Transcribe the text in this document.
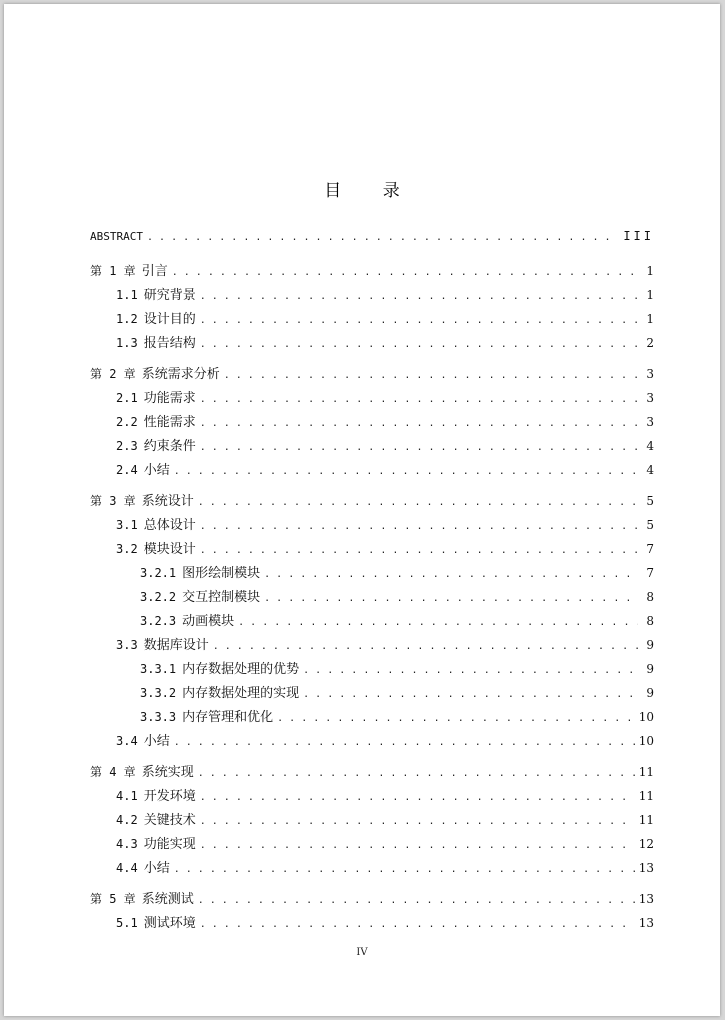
目 录
ABSTRACT . . .	III
第 1 章 引言 . . .	1
1.1 研究背景 . . .	1
1.2 设计目的 . . .	1
1.3 报告结构 . . .	2
第 2 章 系统需求分析 . . .	3
2.1 功能需求 . . .	3
2.2 性能需求 . . .	3
2.3 约束条件 . . .	4
2.4 小结 . . .	4
第 3 章 系统设计 . . .	5
3.1 总体设计 . . .	5
3.2 模块设计 . . .	7
3.2.1 图形绘制模块 . . .	7
3.2.2 交互控制模块 . . .	8
3.2.3 动画模块 . . .	8
3.3 数据库设计 . . .	9
3.3.1 内存数据处理的优势 . . .	9
3.3.2 内存数据处理的实现 . . .	9
3.3.3 内存管理和优化 . . .	10
3.4 小结 . . .	10
第 4 章 系统实现 . . .	11
4.1 开发环境 . . .	11
4.2 关键技术 . . .	11
4.3 功能实现 . . .	12
4.4 小结 . . .	13
第 5 章 系统测试 . . .	13
5.1 测试环境 . . .	13
IV
